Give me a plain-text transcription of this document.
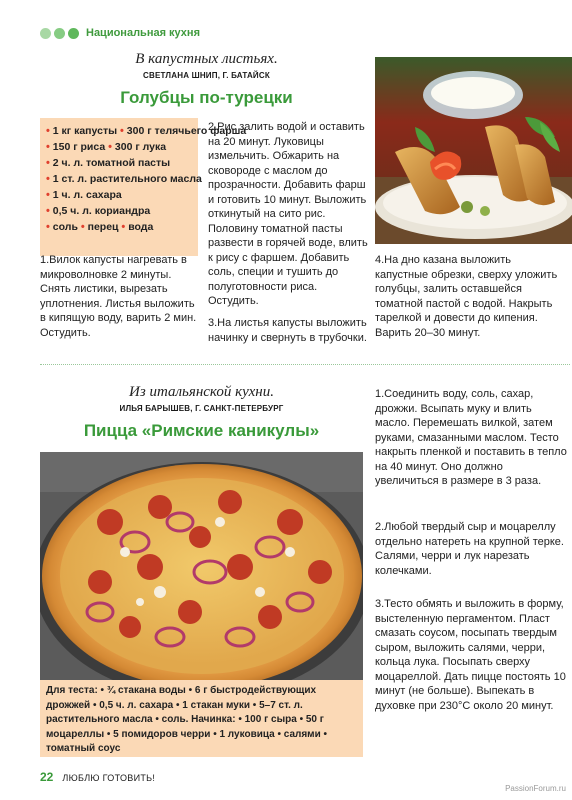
Национальная кухня
В капустных листьях.
СВЕТЛАНА ШНИП, Г. БАТАЙСК
Голубцы по-турецки
• 1 кг капусты • 300 г телячьего фарша
• 150 г риса • 300 г лука
• 2 ч. л. томатной пасты
• 1 ст. л. растительного масла
• 1 ч. л. сахара
• 0,5 ч. л. кориандра
• соль • перец • вода
1.Вилок капусты нагревать в микроволновке 2 минуты. Снять листики, вырезать уплотнения. Листья выложить в кипящую воду, варить 2 мин. Остудить.
2.Рис залить водой и оставить на 20 минут. Луковицы измельчить. Обжарить на сковороде с маслом до прозрачности. Добавить фарш и готовить 10 минут. Выложить откинутый на сито рис. Половину томатной пасты развести в горячей воде, влить к рису с фаршем. Добавить соль, специи и тушить до полуготовности риса. Остудить.
3.На листья капусты выложить начинку и свернуть в трубочки.
4.На дно казана выложить капустные обрезки, сверху уложить голубцы, залить оставшейся томатной пастой с водой. Накрыть тарелкой и довести до кипения. Варить 20–30 минут.
Из итальянской кухни.
ИЛЬЯ БАРЫШЕВ, Г. САНКТ-ПЕТЕРБУРГ
Пицца «Римские каникулы»
Для теста: • ¾ стакана воды • 6 г быстродействующих дрожжей • 0,5 ч. л. сахара • 1 стакан муки • 5–7 ст. л. растительного масла • соль. Начинка: • 100 г сыра • 50 г моцареллы • 5 помидоров черри • 1 луковица • салями • томатный соус
1.Соединить воду, соль, сахар, дрожжи. Всыпать муку и влить масло. Перемешать вилкой, затем руками, смазанными маслом. Тесто накрыть пленкой и поставить в тепло на 40 минут. Оно должно увеличиться в размере в 3 раза.
2.Любой твердый сыр и моцареллу отдельно натереть на крупной терке. Салями, черри и лук нарезать колечками.
3.Тесто обмять и выложить в форму, выстеленную пергаментом. Пласт смазать соусом, посыпать твердым сыром, выложить салями, черри, кольца лука. Посыпать сверху моцареллой. Дать пицце постоять 10 минут (не больше). Выпекать в духовке при 230°С около 20 минут.
22 ЛЮБЛЮ ГОТОВИТЬ!
PassionForum.ru
